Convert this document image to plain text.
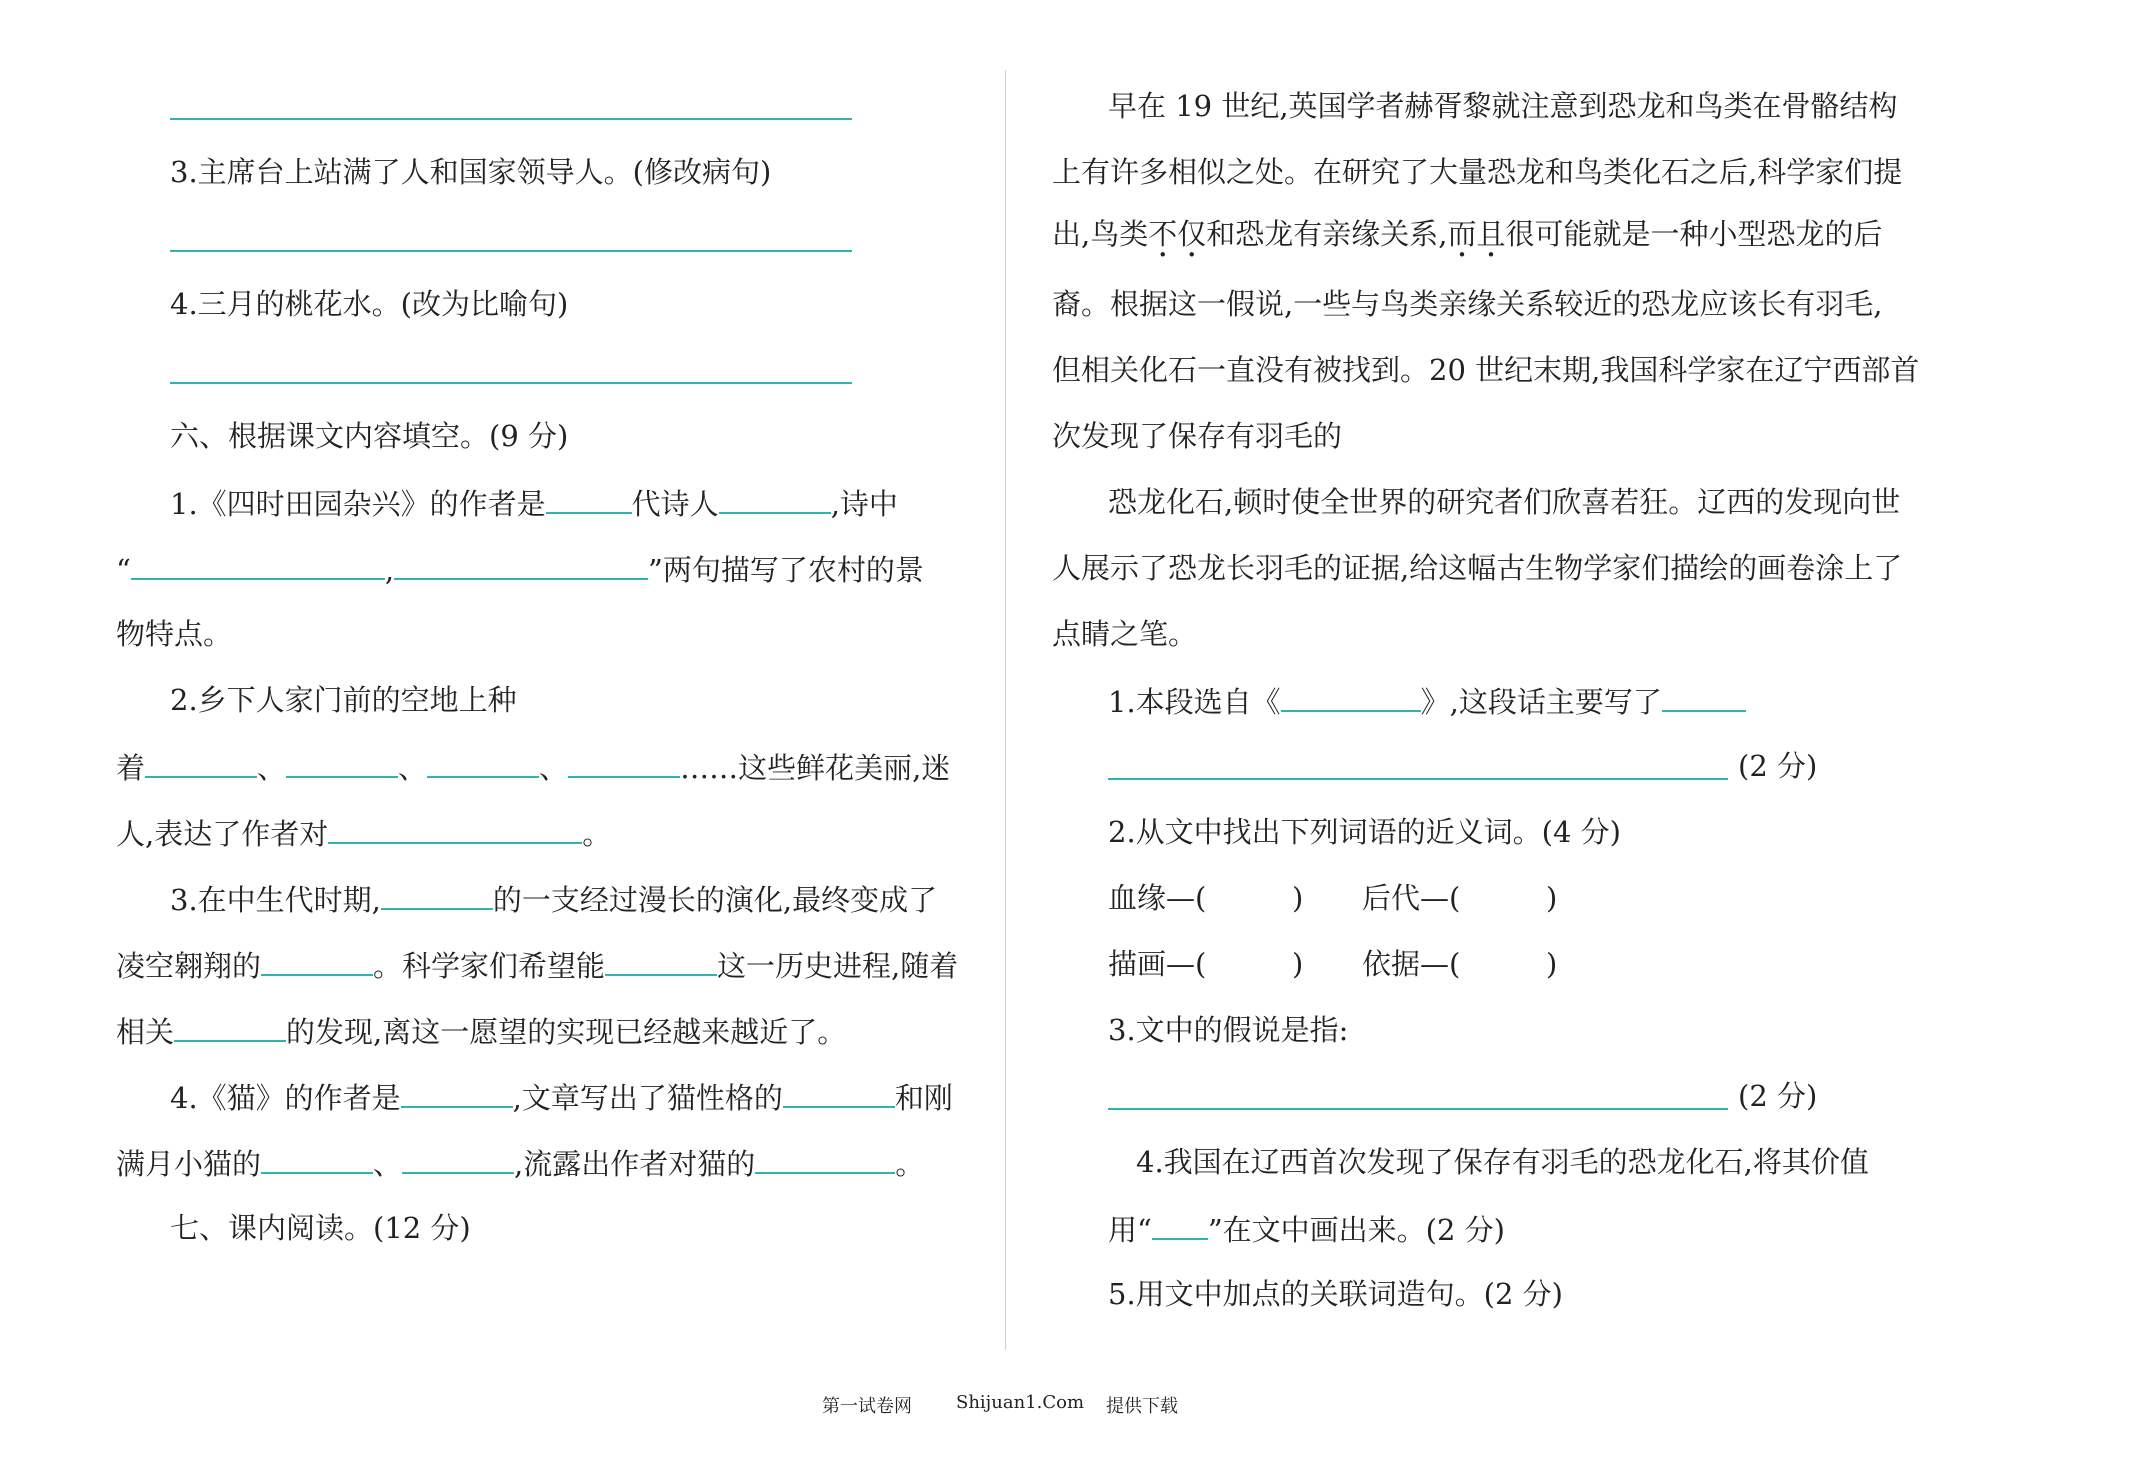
3.主席台上站满了人和国家领导人。(修改病句)
4.三月的桃花水。(改为比喻句)
六、根据课文内容填空。(9 分)
1.《四时田园杂兴》的作者是	代诗人	,诗中
“	,	”两句描写了农村的景
物特点。
2.乡下人家门前的空地上种
着	、	、	、	……这些鲜花美丽,迷
人,表达了作者对	。
3.在中生代时期,	的一支经过漫长的演化,最终变成了
凌空翱翔的	。科学家们希望能	这一历史进程,随着
相关	的发现,离这一愿望的实现已经越来越近了。
4.《猫》的作者是	,文章写出了猫性格的	和刚
满月小猫的	、	,流露出作者对猫的	。
七、课内阅读。(12 分)
早在 19 世纪,英国学者赫胥黎就注意到恐龙和鸟类在骨骼结构
上有许多相似之处。在研究了大量恐龙和鸟类化石之后,科学家们提
出,鸟类不仅和恐龙有亲缘关系,而且很可能就是一种小型恐龙的后
裔。根据这一假说,一些与鸟类亲缘关系较近的恐龙应该长有羽毛,
但相关化石一直没有被找到。20 世纪末期,我国科学家在辽宁西部首
次发现了保存有羽毛的
恐龙化石,顿时使全世界的研究者们欣喜若狂。辽西的发现向世
人展示了恐龙长羽毛的证据,给这幅古生物学家们描绘的画卷涂上了
点睛之笔。
1.本段选自《	》,这段话主要写了
(2 分)
2.从文中找出下列词语的近义词。(4 分)
血缘—(	) 后代—(	)
描画—(	) 依据—(	)
3.文中的假说是指:
(2 分)
4.我国在辽西首次发现了保存有羽毛的恐龙化石,将其价值
用“ ”在文中画出来。(2 分)
5.用文中加点的关联词造句。(2 分)
第一试卷网 Shijuan1.Com 提供下载
